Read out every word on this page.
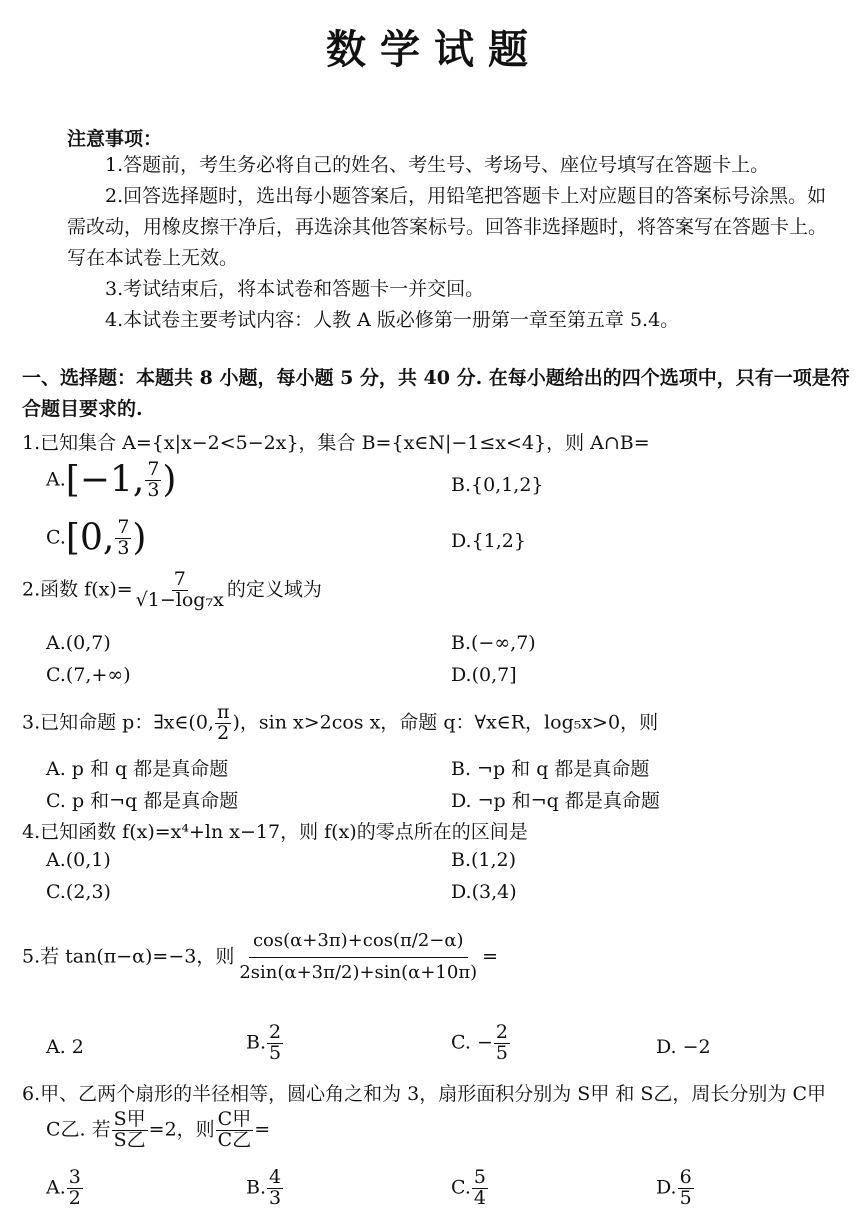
数学试题
注意事项：
1.答题前，考生务必将自己的姓名、考生号、考场号、座位号填写在答题卡上。
2.回答选择题时，选出每小题答案后，用铅笔把答题卡上对应题目的答案标号涂黑。如需改动，用橡皮擦干净后，再选涂其他答案标号。回答非选择题时，将答案写在答题卡上。写在本试卷上无效。
3.考试结束后，将本试卷和答题卡一并交回。
4.本试卷主要考试内容：人教 A 版必修第一册第一章至第五章 5.4。
一、选择题：本题共 8 小题，每小题 5 分，共 40 分. 在每小题给出的四个选项中，只有一项是符合题目要求的.
1.已知集合 A={x|x−2<5−2x}，集合 B={x∈N|−1≤x<4}，则 A∩B=
A.[−1, $\frac{7}{3}$ )	B.{0,1,2}
C.[0, $\frac{7}{3}$ )	D.{1,2}
2.函数 $f(x)= \frac{7}{\text{√1−log₇x}}$ 的定义域为
A.(0,7)	B.(−∞,7)
C.(7,+∞)	D.(0,7]
3.已知命题 p：∃x∈(0, $\frac{\pi}{2}$ )，sin x>2cos x，命题 q：∀x∈R，log₅x>0，则
A. p 和 q 都是真命题	B. ¬p 和 q 都是真命题
C. p 和¬q 都是真命题	D. ¬p 和¬q 都是真命题
4.已知函数 f(x)=x⁴+ln x−17，则 f(x)的零点所在的区间是
A.(0,1)	B.(1,2)
C.(2,3)	D.(3,4)
5.若 tan(π−α)=−3，则 $\frac{\cos(\alpha+3\pi)+\cos(\pi/2-\alpha)}{2\sin(\alpha+3\pi/2)+\sin(\alpha+10\pi)}$ =
A. 2	B. $\frac{2}{5}$	C. − $\frac{2}{5}$	D. −2
6.甲、乙两个扇形的半径相等，圆心角之和为 3，扇形面积分别为 S甲 和 S乙，周长分别为 C甲
C乙. 若 $\frac{\text{S甲}}{\text{S乙}} =2$，则 $\frac{\text{C甲}}{\text{C乙}}$ =
A. $\frac{3}{2}$	B. $\frac{4}{3}$	C. $\frac{5}{4}$	D. $\frac{6}{5}$
